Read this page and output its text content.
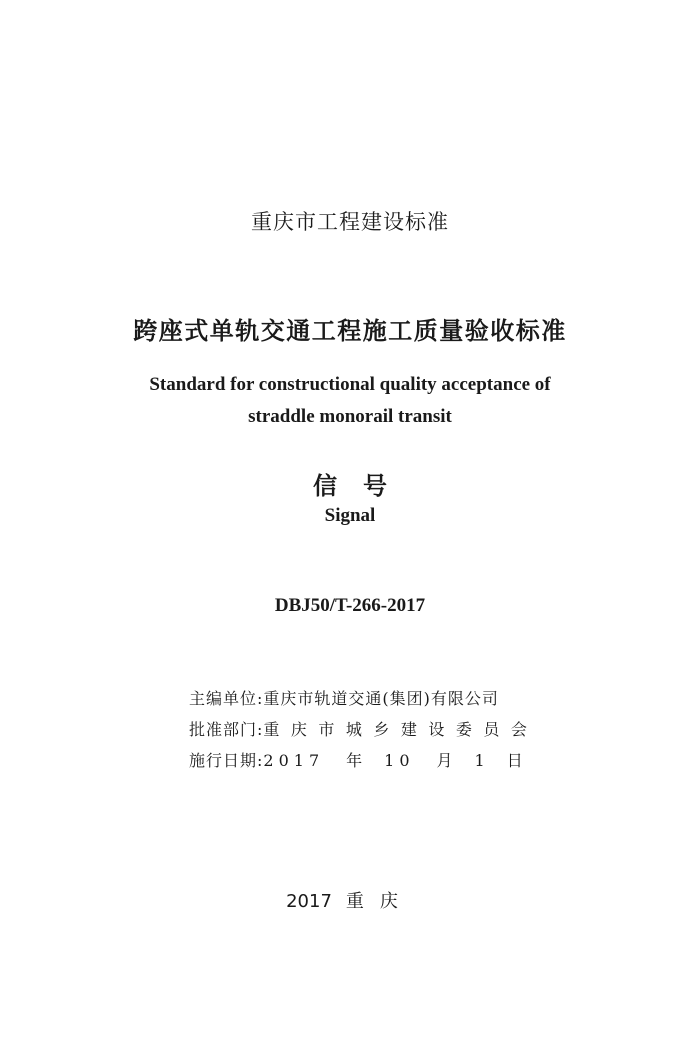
重庆市工程建设标准
跨座式单轨交通工程施工质量验收标准
Standard for constructional quality acceptance of
straddle monorail transit
信号
Signal
DBJ50/T-266-2017
主编单位:重庆市轨道交通(集团)有限公司
批准部门:重庆市城乡建设委员会
施行日期:2017 年 10 月 1 日
2017 重庆
